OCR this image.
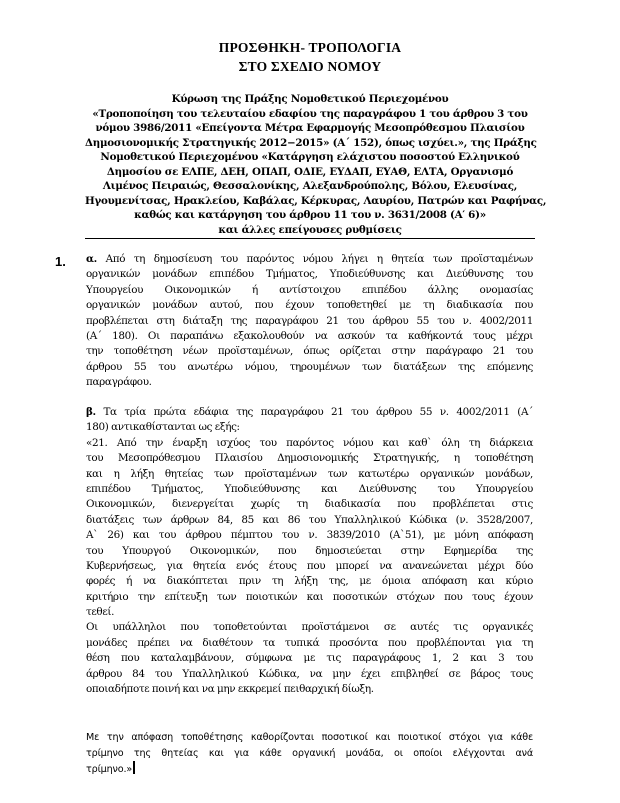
ΠΡΟΣΘΗΚΗ- ΤΡΟΠΟΛΟΓΙΑ
ΣΤΟ ΣΧΕΔΙΟ ΝΟΜΟΥ
Κύρωση της Πράξης Νομοθετικού Περιεχομένου
«Τροποποίηση του τελευταίου εδαφίου της παραγράφου 1 του άρθρου 3 του
νόμου 3986/2011 «Επείγοντα Μέτρα Εφαρμογής Μεσοπρόθεσμου Πλαισίου
Δημοσιονομικής Στρατηγικής 2012−2015» (Α΄ 152), όπως ισχύει.», της Πράξης
Νομοθετικού Περιεχομένου «Κατάργηση ελάχιστου ποσοστού Ελληνικού
Δημοσίου σε ΕΛΠΕ, ΔΕΗ, ΟΠΑΠ, ΟΔΙΕ, ΕΥΔΑΠ, ΕΥΑΘ, ΕΛΤΑ, Οργανισμό
Λιμένος Πειραιώς, Θεσσαλονίκης, Αλεξανδρούπολης, Βόλου, Ελευσίνας,
Ηγουμενίτσας, Ηρακλείου, Καβάλας, Κέρκυρας, Λαυρίου, Πατρών και Ραφήνας,
καθώς και κατάργηση του άρθρου 11 του ν. 3631/2008 (Α′ 6)»
και άλλες επείγουσες ρυθμίσεις
1. α. Από τη δημοσίευση του παρόντος νόμου λήγει η θητεία των προϊσταμένων
οργανικών μονάδων επιπέδου Τμήματος, Υποδιεύθυνσης και Διεύθυνσης του
Υπουργείου Οικονομικών ή αντίστοιχου επιπέδου άλλης ονομασίας
οργανικών μονάδων αυτού, που έχουν τοποθετηθεί με τη διαδικασία που
προβλέπεται στη διάταξη της παραγράφου 21 του άρθρου 55 του ν. 4002/2011
(Α΄ 180). Οι παραπάνω εξακολουθούν να ασκούν τα καθήκοντά τους μέχρι
την τοποθέτηση νέων προϊσταμένων, όπως ορίζεται στην παράγραφο 21 του
άρθρου 55 του ανωτέρω νόμου, τηρουμένων των διατάξεων της επόμενης
παραγράφου.
β. Τα τρία πρώτα εδάφια της παραγράφου 21 του άρθρου 55 ν. 4002/2011 (Α΄
180) αντικαθίστανται ως εξής:
«21. Από την έναρξη ισχύος του παρόντος νόμου και καθ` όλη τη διάρκεια
του Μεσοπρόθεσμου Πλαισίου Δημοσιονομικής Στρατηγικής, η τοποθέτηση
και η λήξη θητείας των προϊσταμένων των κατωτέρω οργανικών μονάδων,
επιπέδου Τμήματος, Υποδιεύθυνσης και Διεύθυνσης του Υπουργείου
Οικονομικών, διενεργείται χωρίς τη διαδικασία που προβλέπεται στις
διατάξεις των άρθρων 84, 85 και 86 του Υπαλληλικού Κώδικα (ν. 3528/2007,
Α` 26) και του άρθρου πέμπτου του ν. 3839/2010 (Α`51), με μόνη απόφαση
του Υπουργού Οικονομικών, που δημοσιεύεται στην Εφημερίδα της
Κυβερνήσεως, για θητεία ενός έτους που μπορεί να ανανεώνεται μέχρι δύο
φορές ή να διακόπτεται πριν τη λήξη της, με όμοια απόφαση και κύριο
κριτήριο την επίτευξη των ποιοτικών και ποσοτικών στόχων που τους έχουν
τεθεί.
Οι υπάλληλοι που τοποθετούνται προϊστάμενοι σε αυτές τις οργανικές
μονάδες πρέπει να διαθέτουν τα τυπικά προσόντα που προβλέπονται για τη
θέση που καταλαμβάνουν, σύμφωνα με τις παραγράφους 1, 2 και 3 του
άρθρου 84 του Υπαλληλικού Κώδικα, να μην έχει επιβληθεί σε βάρος τους
οποιαδήποτε ποινή και να μην εκκρεμεί πειθαρχική δίωξη.
Με την απόφαση τοποθέτησης καθορίζονται ποσοτικοί και ποιοτικοί στόχοι για κάθε
τρίμηνο της θητείας και για κάθε οργανική μονάδα, οι οποίοι ελέγχονται ανά
τρίμηνο.»
